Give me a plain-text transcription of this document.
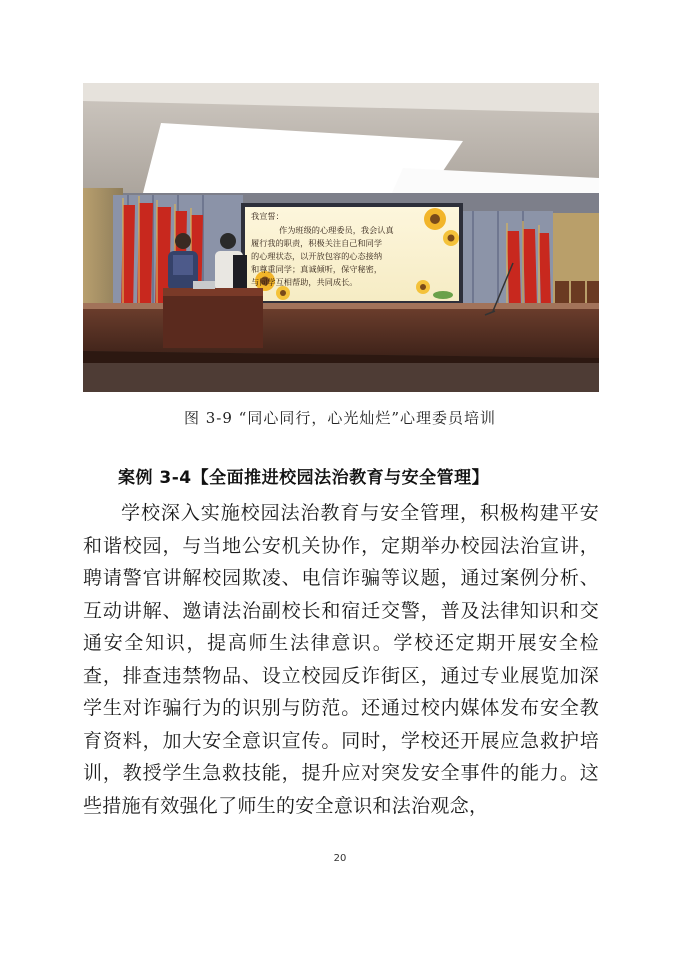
我宣誓：
作为班级的心理委员，我会认真
履行我的职责，积极关注自己和同学
的心理状态，以开放包容的心态接纳
和尊重同学；真诚倾听，保守秘密，
与同学互相帮助，共同成长。
图 3-9 “同心同行，心光灿烂”心理委员培训
案例 3-4【全面推进校园法治教育与安全管理】
学校深入实施校园法治教育与安全管理，积极构建平安和谐校园，与当地公安机关协作，定期举办校园法治宣讲，聘请警官讲解校园欺凌、电信诈骗等议题，通过案例分析、互动讲解、邀请法治副校长和宿迁交警，普及法律知识和交通安全知识，提高师生法律意识。学校还定期开展安全检查，排查违禁物品、设立校园反诈街区，通过专业展览加深学生对诈骗行为的识别与防范。还通过校内媒体发布安全教育资料，加大安全意识宣传。同时，学校还开展应急救护培训，教授学生急救技能，提升应对突发安全事件的能力。这些措施有效强化了师生的安全意识和法治观念，
20
